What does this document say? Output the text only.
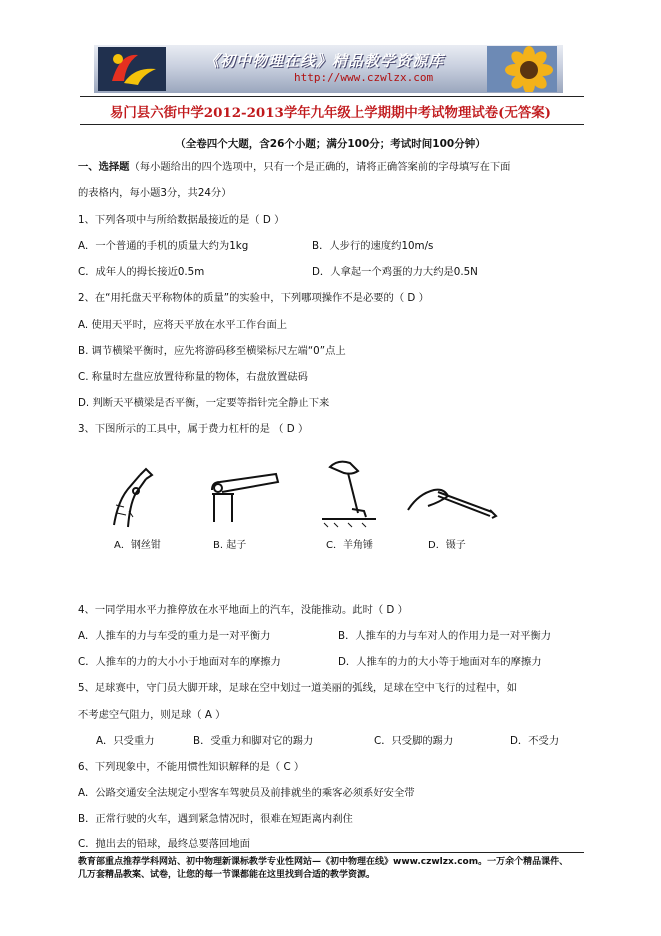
《初中物理在线》精品教学资源库
http://www.czwlzx.com
易门县六街中学2012-2013学年九年级上学期期中考试物理试卷(无答案)
（全卷四个大题，含26个小题；满分100分；考试时间100分钟）
一、选择题（每小题给出的四个选项中，只有一个是正确的，请将正确答案前的字母填写在下面
的表格内，每小题3分，共24分）
1、下列各项中与所给数据最接近的是（ D ）
A．一个普通的手机的质量大约为1kg	B．人步行的速度约10m/s
C．成年人的拇长接近0.5m	D．人拿起一个鸡蛋的力大约是0.5N
2、在“用托盘天平称物体的质量”的实验中，下列哪项操作不是必要的（ D ）
A. 使用天平时，应将天平放在水平工作台面上
B. 调节横梁平衡时，应先将游码移至横梁标尺左端“0”点上
C. 称量时左盘应放置待称量的物体，右盘放置砝码
D. 判断天平横梁是否平衡，一定要等指针完全静止下来
3、下图所示的工具中，属于费力杠杆的是 （ D ）
A．钢丝钳	B. 起子	C．羊角锤	D．镊子
4、一同学用水平力推停放在水平地面上的汽车，没能推动。此时（ D ）
A．人推车的力与车受的重力是一对平衡力	B．人推车的力与车对人的作用力是一对平衡力
C．人推车的力的大小小于地面对车的摩擦力	D．人推车的力的大小等于地面对车的摩擦力
5、足球赛中，守门员大脚开球，足球在空中划过一道美丽的弧线，足球在空中飞行的过程中，如
不考虑空气阻力，则足球（ A ）
A．只受重力	B．受重力和脚对它的踢力	C．只受脚的踢力	D．不受力
6、下列现象中，不能用惯性知识解释的是（ C ）
A．公路交通安全法规定小型客车驾驶员及前排就坐的乘客必须系好安全带
B．正常行驶的火车，遇到紧急情况时，很难在短距离内刹住
C．抛出去的铅球，最终总要落回地面
教育部重点推荐学科网站、初中物理新课标教学专业性网站—《初中物理在线》www.czwlzx.com。一万余个精品课件、
几万套精品教案、试卷，让您的每一节课都能在这里找到合适的教学资源。
